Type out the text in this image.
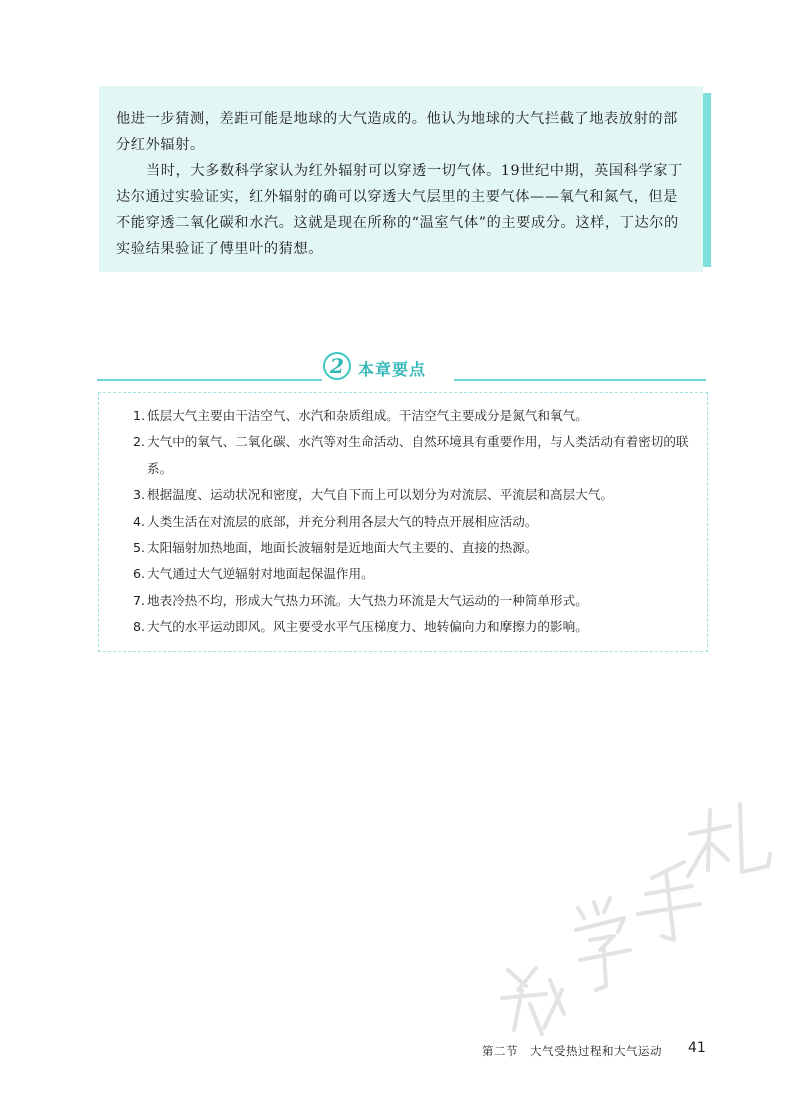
他进一步猜测，差距可能是地球的大气造成的。他认为地球的大气拦截了地表放射的部分红外辐射。

当时，大多数科学家认为红外辐射可以穿透一切气体。19世纪中期，英国科学家丁达尔通过实验证实，红外辐射的确可以穿透大气层里的主要气体——氧气和氮气，但是不能穿透二氧化碳和水汽。这就是现在所称的“温室气体”的主要成分。这样，丁达尔的实验结果验证了傅里叶的猜想。

2 本章要点
1. 低层大气主要由干洁空气、水汽和杂质组成。干洁空气主要成分是氮气和氧气。
2. 大气中的氧气、二氧化碳、水汽等对生命活动、自然环境具有重要作用，与人类活动有着密切的联系。
3. 根据温度、运动状况和密度，大气自下而上可以划分为对流层、平流层和高层大气。
4. 人类生活在对流层的底部，并充分利用各层大气的特点开展相应活动。
5. 太阳辐射加热地面，地面长波辐射是近地面大气主要的、直接的热源。
6. 大气通过大气逆辐射对地面起保温作用。
7. 地表冷热不均，形成大气热力环流。大气热力环流是大气运动的一种简单形式。
8. 大气的水平运动即风。风主要受水平气压梯度力、地转偏向力和摩擦力的影响。
第二节　大气受热过程和大气运动 41
